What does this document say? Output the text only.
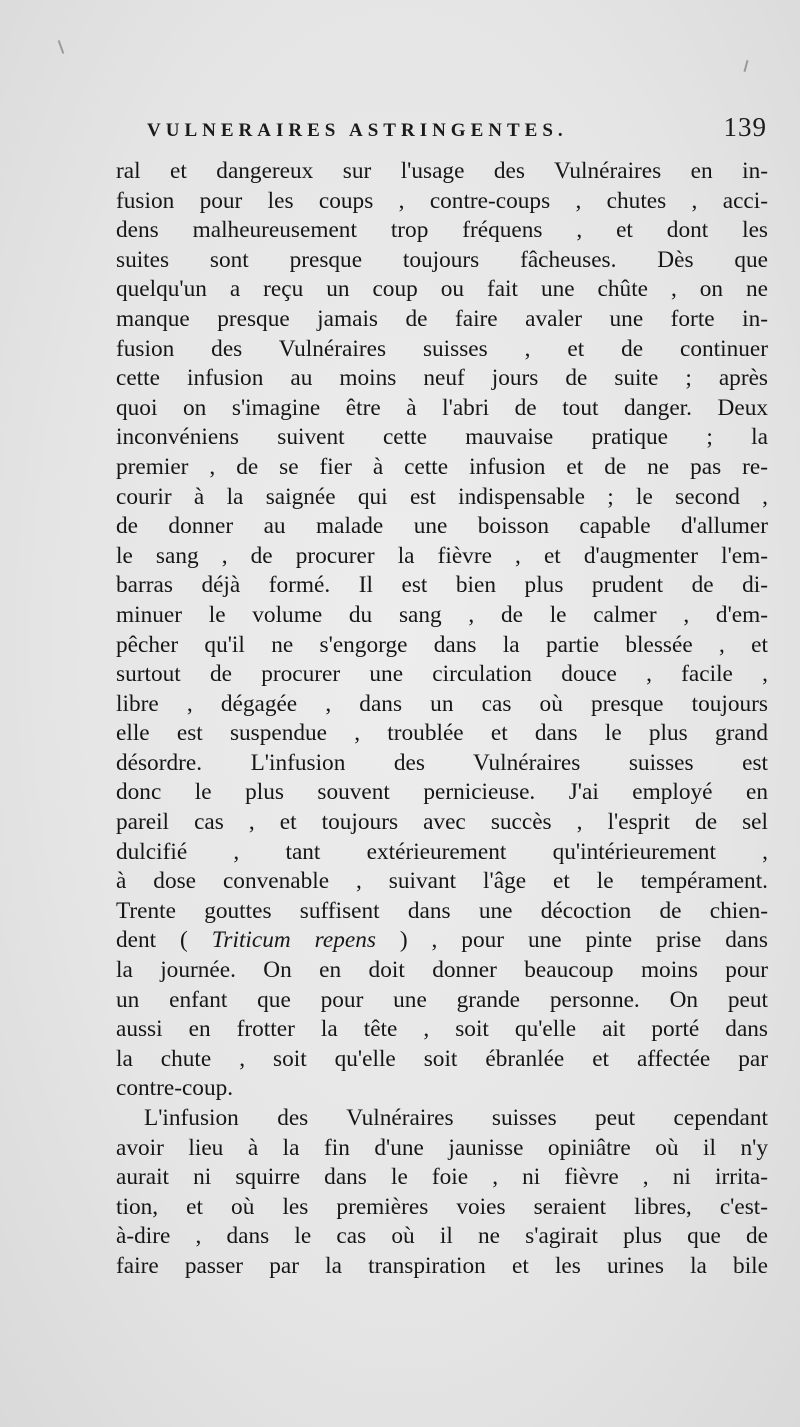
VULNERAIRES ASTRINGENTES.	139
ral et dangereux sur l'usage des Vulnéraires en in-
fusion pour les coups , contre-coups , chutes , acci-
dens malheureusement trop fréquens , et dont les
suites sont presque toujours fâcheuses. Dès que
quelqu'un a reçu un coup ou fait une chûte , on ne
manque presque jamais de faire avaler une forte in-
fusion des Vulnéraires suisses , et de continuer
cette infusion au moins neuf jours de suite ; après
quoi on s'imagine être à l'abri de tout danger. Deux
inconvéniens suivent cette mauvaise pratique ; la
premier , de se fier à cette infusion et de ne pas re-
courir à la saignée qui est indispensable ; le second ,
de donner au malade une boisson capable d'allumer
le sang , de procurer la fièvre , et d'augmenter l'em-
barras déjà formé. Il est bien plus prudent de di-
minuer le volume du sang , de le calmer , d'em-
pêcher qu'il ne s'engorge dans la partie blessée , et
surtout de procurer une circulation douce , facile ,
libre , dégagée , dans un cas où presque toujours
elle est suspendue , troublée et dans le plus grand
désordre. L'infusion des Vulnéraires suisses est
donc le plus souvent pernicieuse. J'ai employé en
pareil cas , et toujours avec succès , l'esprit de sel
dulcifié , tant extérieurement qu'intérieurement ,
à dose convenable , suivant l'âge et le tempérament.
Trente gouttes suffisent dans une décoction de chien-
dent ( Triticum repens ) , pour une pinte prise dans
la journée. On en doit donner beaucoup moins pour
un enfant que pour une grande personne. On peut
aussi en frotter la tête , soit qu'elle ait porté dans
la chute , soit qu'elle soit ébranlée et affectée par
contre-coup.
L'infusion des Vulnéraires suisses peut cependant
avoir lieu à la fin d'une jaunisse opiniâtre où il n'y
aurait ni squirre dans le foie , ni fièvre , ni irrita-
tion, et où les premières voies seraient libres, c'est-
à-dire , dans le cas où il ne s'agirait plus que de
faire passer par la transpiration et les urines la bile
